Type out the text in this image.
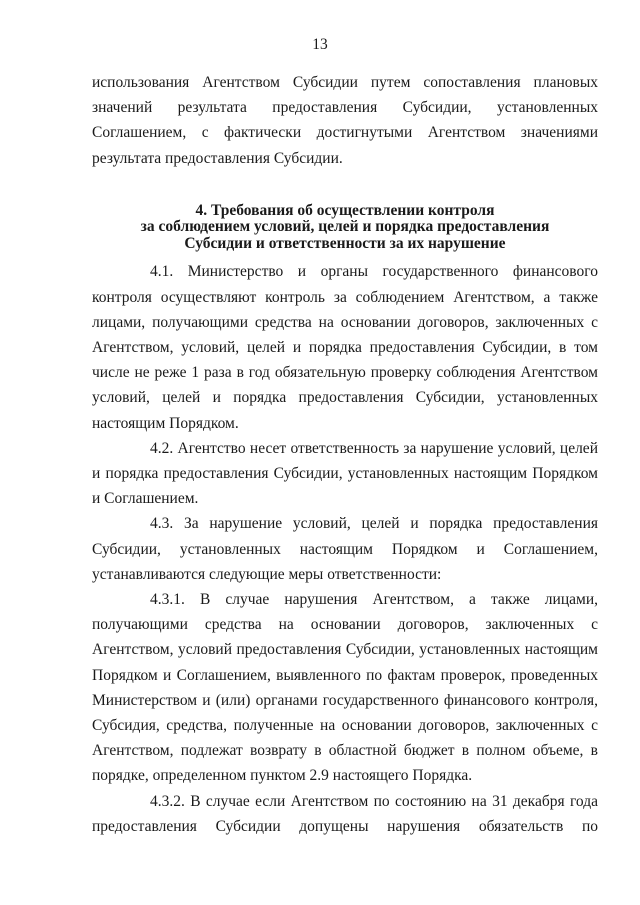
13

использования Агентством Субсидии путем сопоставления плановых значений результата предоставления Субсидии, установленных Соглашением, с фактически достигнутыми Агентством значениями результата предоставления Субсидии.

4. Требования об осуществлении контроля
за соблюдением условий, целей и порядка предоставления
Субсидии и ответственности за их нарушение

4.1. Министерство и органы государственного финансового контроля осуществляют контроль за соблюдением Агентством, а также лицами, получающими средства на основании договоров, заключенных с Агентством, условий, целей и порядка предоставления Субсидии, в том числе не реже 1 раза в год обязательную проверку соблюдения Агентством условий, целей и порядка предоставления Субсидии, установленных настоящим Порядком.

4.2. Агентство несет ответственность за нарушение условий, целей и порядка предоставления Субсидии, установленных настоящим Порядком и Соглашением.

4.3. За нарушение условий, целей и порядка предоставления Субсидии, установленных настоящим Порядком и Соглашением, устанавливаются следующие меры ответственности:

4.3.1. В случае нарушения Агентством, а также лицами, получающими средства на основании договоров, заключенных с Агентством, условий предоставления Субсидии, установленных настоящим Порядком и Соглашением, выявленного по фактам проверок, проведенных Министерством и (или) органами государственного финансового контроля, Субсидия, средства, полученные на основании договоров, заключенных с Агентством, подлежат возврату в областной бюджет в полном объеме, в порядке, определенном пунктом 2.9 настоящего Порядка.

4.3.2. В случае если Агентством по состоянию на 31 декабря года предоставления Субсидии допущены нарушения обязательств по
